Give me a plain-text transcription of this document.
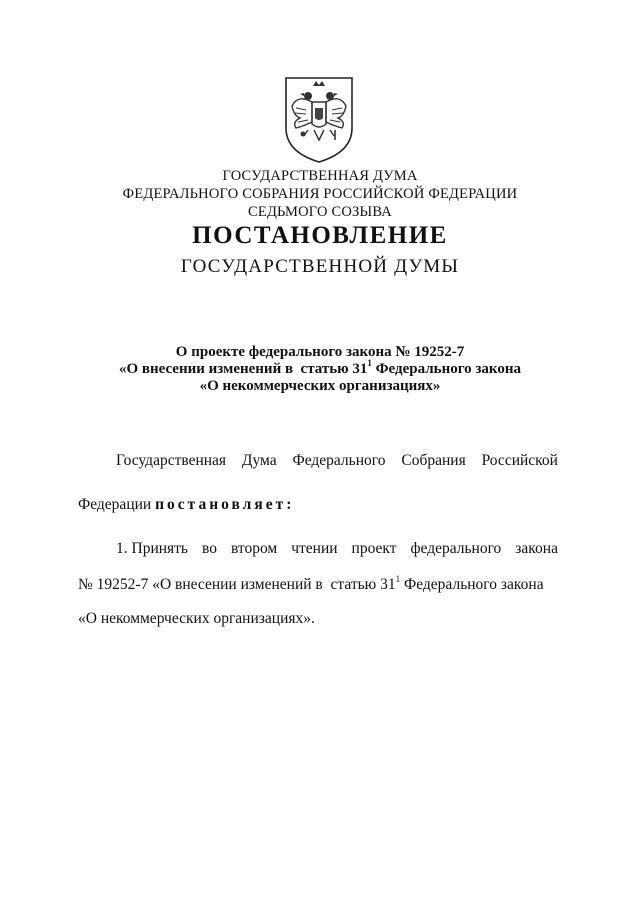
ГОСУДАРСТВЕННАЯ ДУМА
ФЕДЕРАЛЬНОГО СОБРАНИЯ РОССИЙСКОЙ ФЕДЕРАЦИИ
СЕДЬМОГО СОЗЫВА
ПОСТАНОВЛЕНИЕ
ГОСУДАРСТВЕННОЙ ДУМЫ
О проекте федерального закона № 19252-7
«О внесении изменений в  статью $31^1$ Федерального закона
«О некоммерческих организациях»
Государственная Дума Федерального Собрания Российской
Федерации постановляет:
1. Принять во втором чтении проект федерального закона
№ 19252-7 «О внесении изменений в  статью $31^1$ Федерального закона
«О некоммерческих организациях».
